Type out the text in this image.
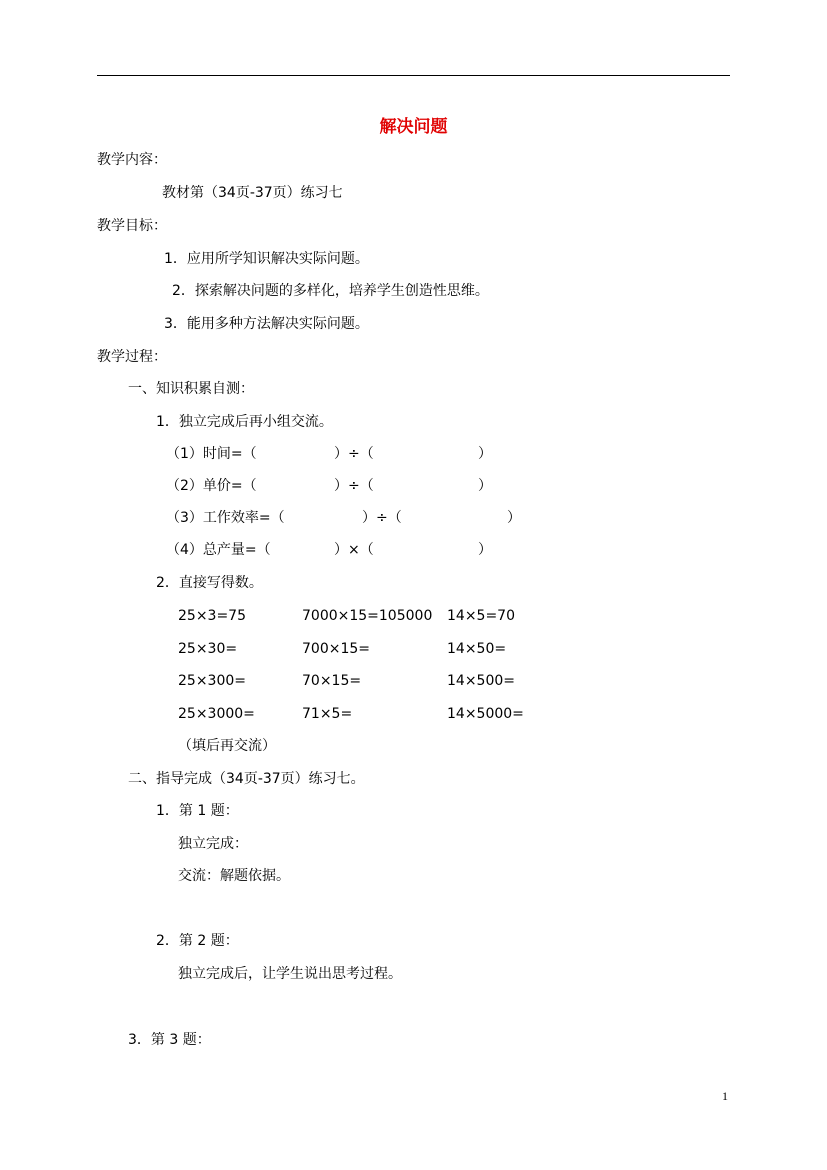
解决问题
教学内容：
教材第（34页-37页）练习七
教学目标：
1．应用所学知识解决实际问题。
2．探索解决问题的多样化，培养学生创造性思维。
3．能用多种方法解决实际问题。
教学过程：
一、知识积累自测：
1．独立完成后再小组交流。
（1）时间=（	）÷（	）
（2）单价=（	）÷（	）
（3）工作效率=（	）÷（	）
（4）总产量=（	）×（	）
2．直接写得数。
25×3=75	7000×15=105000 14×5=70
25×30=	700×15=	14×50=
25×300=	70×15=	14×500=
25×3000=	71×5=	14×5000=
（填后再交流）
二、指导完成（34页-37页）练习七。
1．第 1 题：
独立完成：
交流：解题依据。
2．第 2 题：
独立完成后，让学生说出思考过程。
3．第 3 题：
1
